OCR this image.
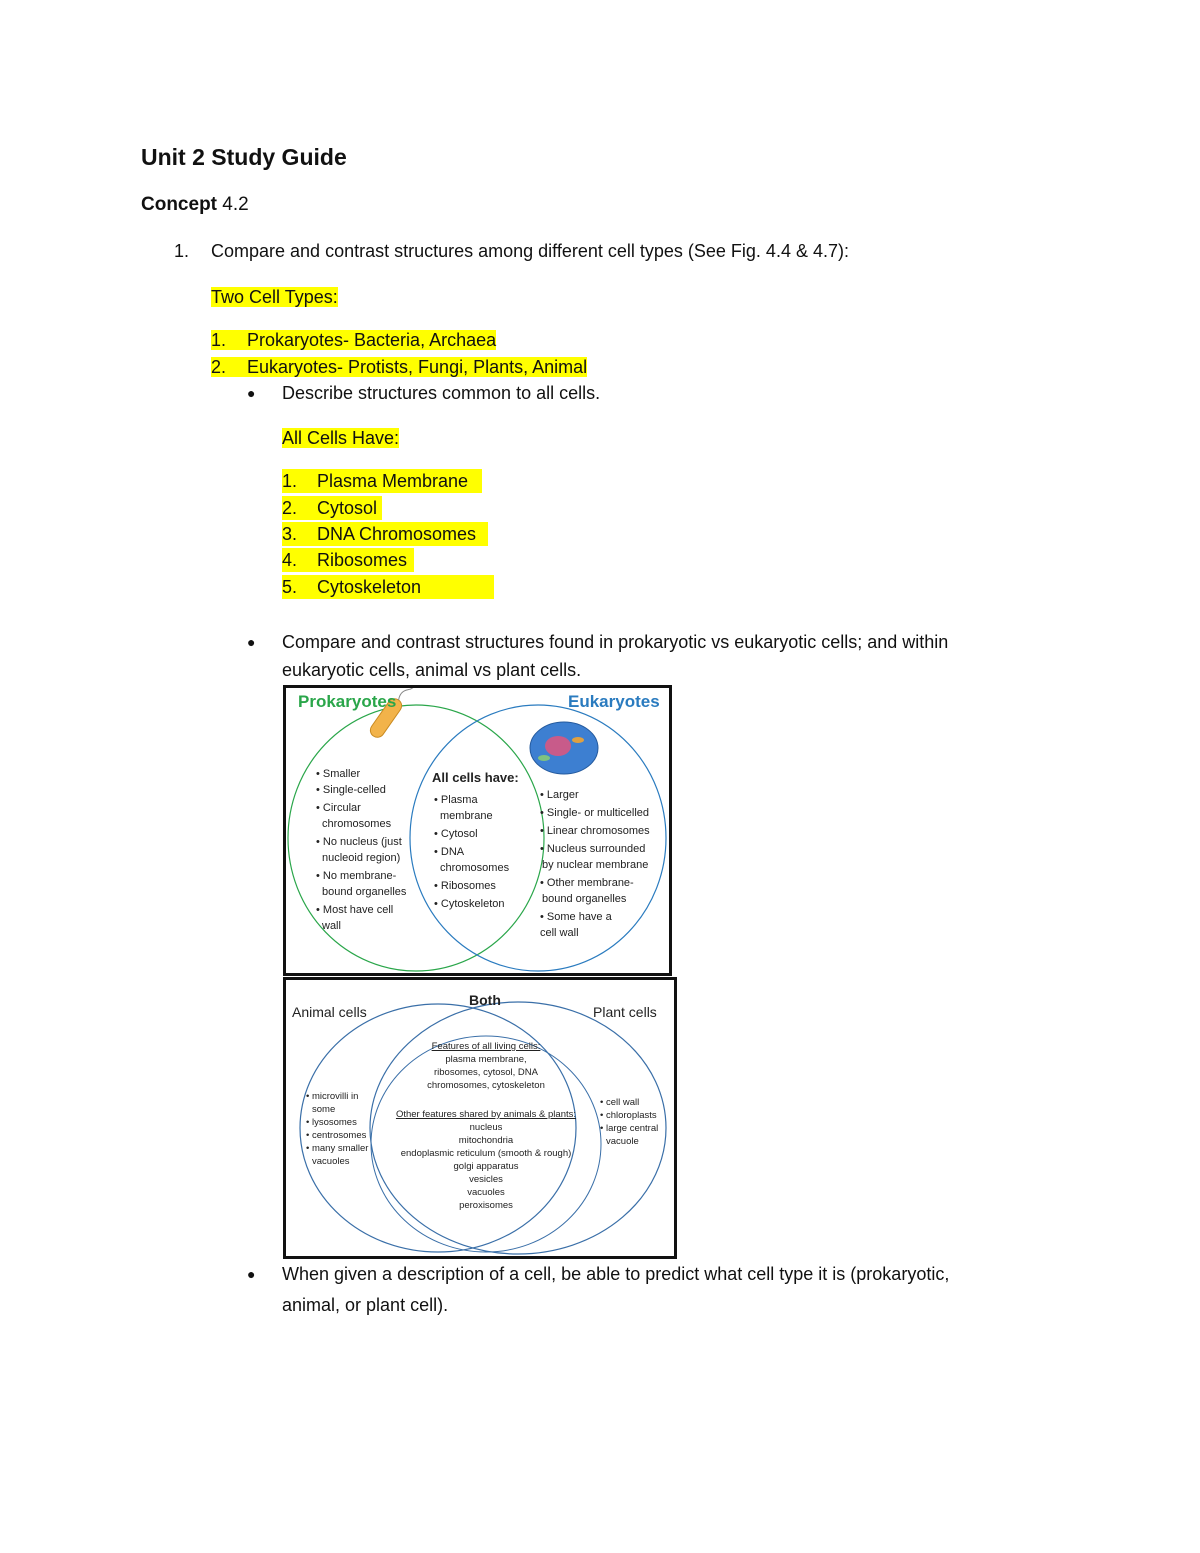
Unit 2 Study Guide
Concept 4.2
1. Compare and contrast structures among different cell types (See Fig. 4.4 & 4.7):
Two Cell Types:
1. Prokaryotes- Bacteria, Archaea
2. Eukaryotes- Protists, Fungi, Plants, Animal
● Describe structures common to all cells.
All Cells Have:
1. Plasma Membrane
2. Cytosol
3. DNA Chromosomes
4. Ribosomes
5. Cytoskeleton
● Compare and contrast structures found in prokaryotic vs eukaryotic cells; and within
eukaryotic cells, animal vs plant cells.
Prokaryotes	Eukaryotes
All cells have:
• Smaller
• Single-celled
• Circular
chromosomes
• No nucleus (just
nucleoid region)
• No membrane-
bound organelles
• Most have cell
wall
• Plasma
membrane
• Cytosol
• DNA
chromosomes
• Ribosomes
• Cytoskeleton
• Larger
• Single- or multicelled
• Linear chromosomes
• Nucleus surrounded
by nuclear membrane
• Other membrane-
bound organelles
• Some have a
cell wall
Animal cells
Both
Plant cells
Features of all living cells:
plasma membrane,
ribosomes, cytosol, DNA
chromosomes, cytoskeleton
Other features shared by animals & plants:
nucleus
mitochondria
endoplasmic reticulum (smooth & rough)
golgi apparatus
vesicles
vacuoles
peroxisomes
• microvilli in
some
• lysosomes
• centrosomes
• many smaller
vacuoles
• cell wall
• chloroplasts
• large central
vacuole
● When given a description of a cell, be able to predict what cell type it is (prokaryotic,
animal, or plant cell).
